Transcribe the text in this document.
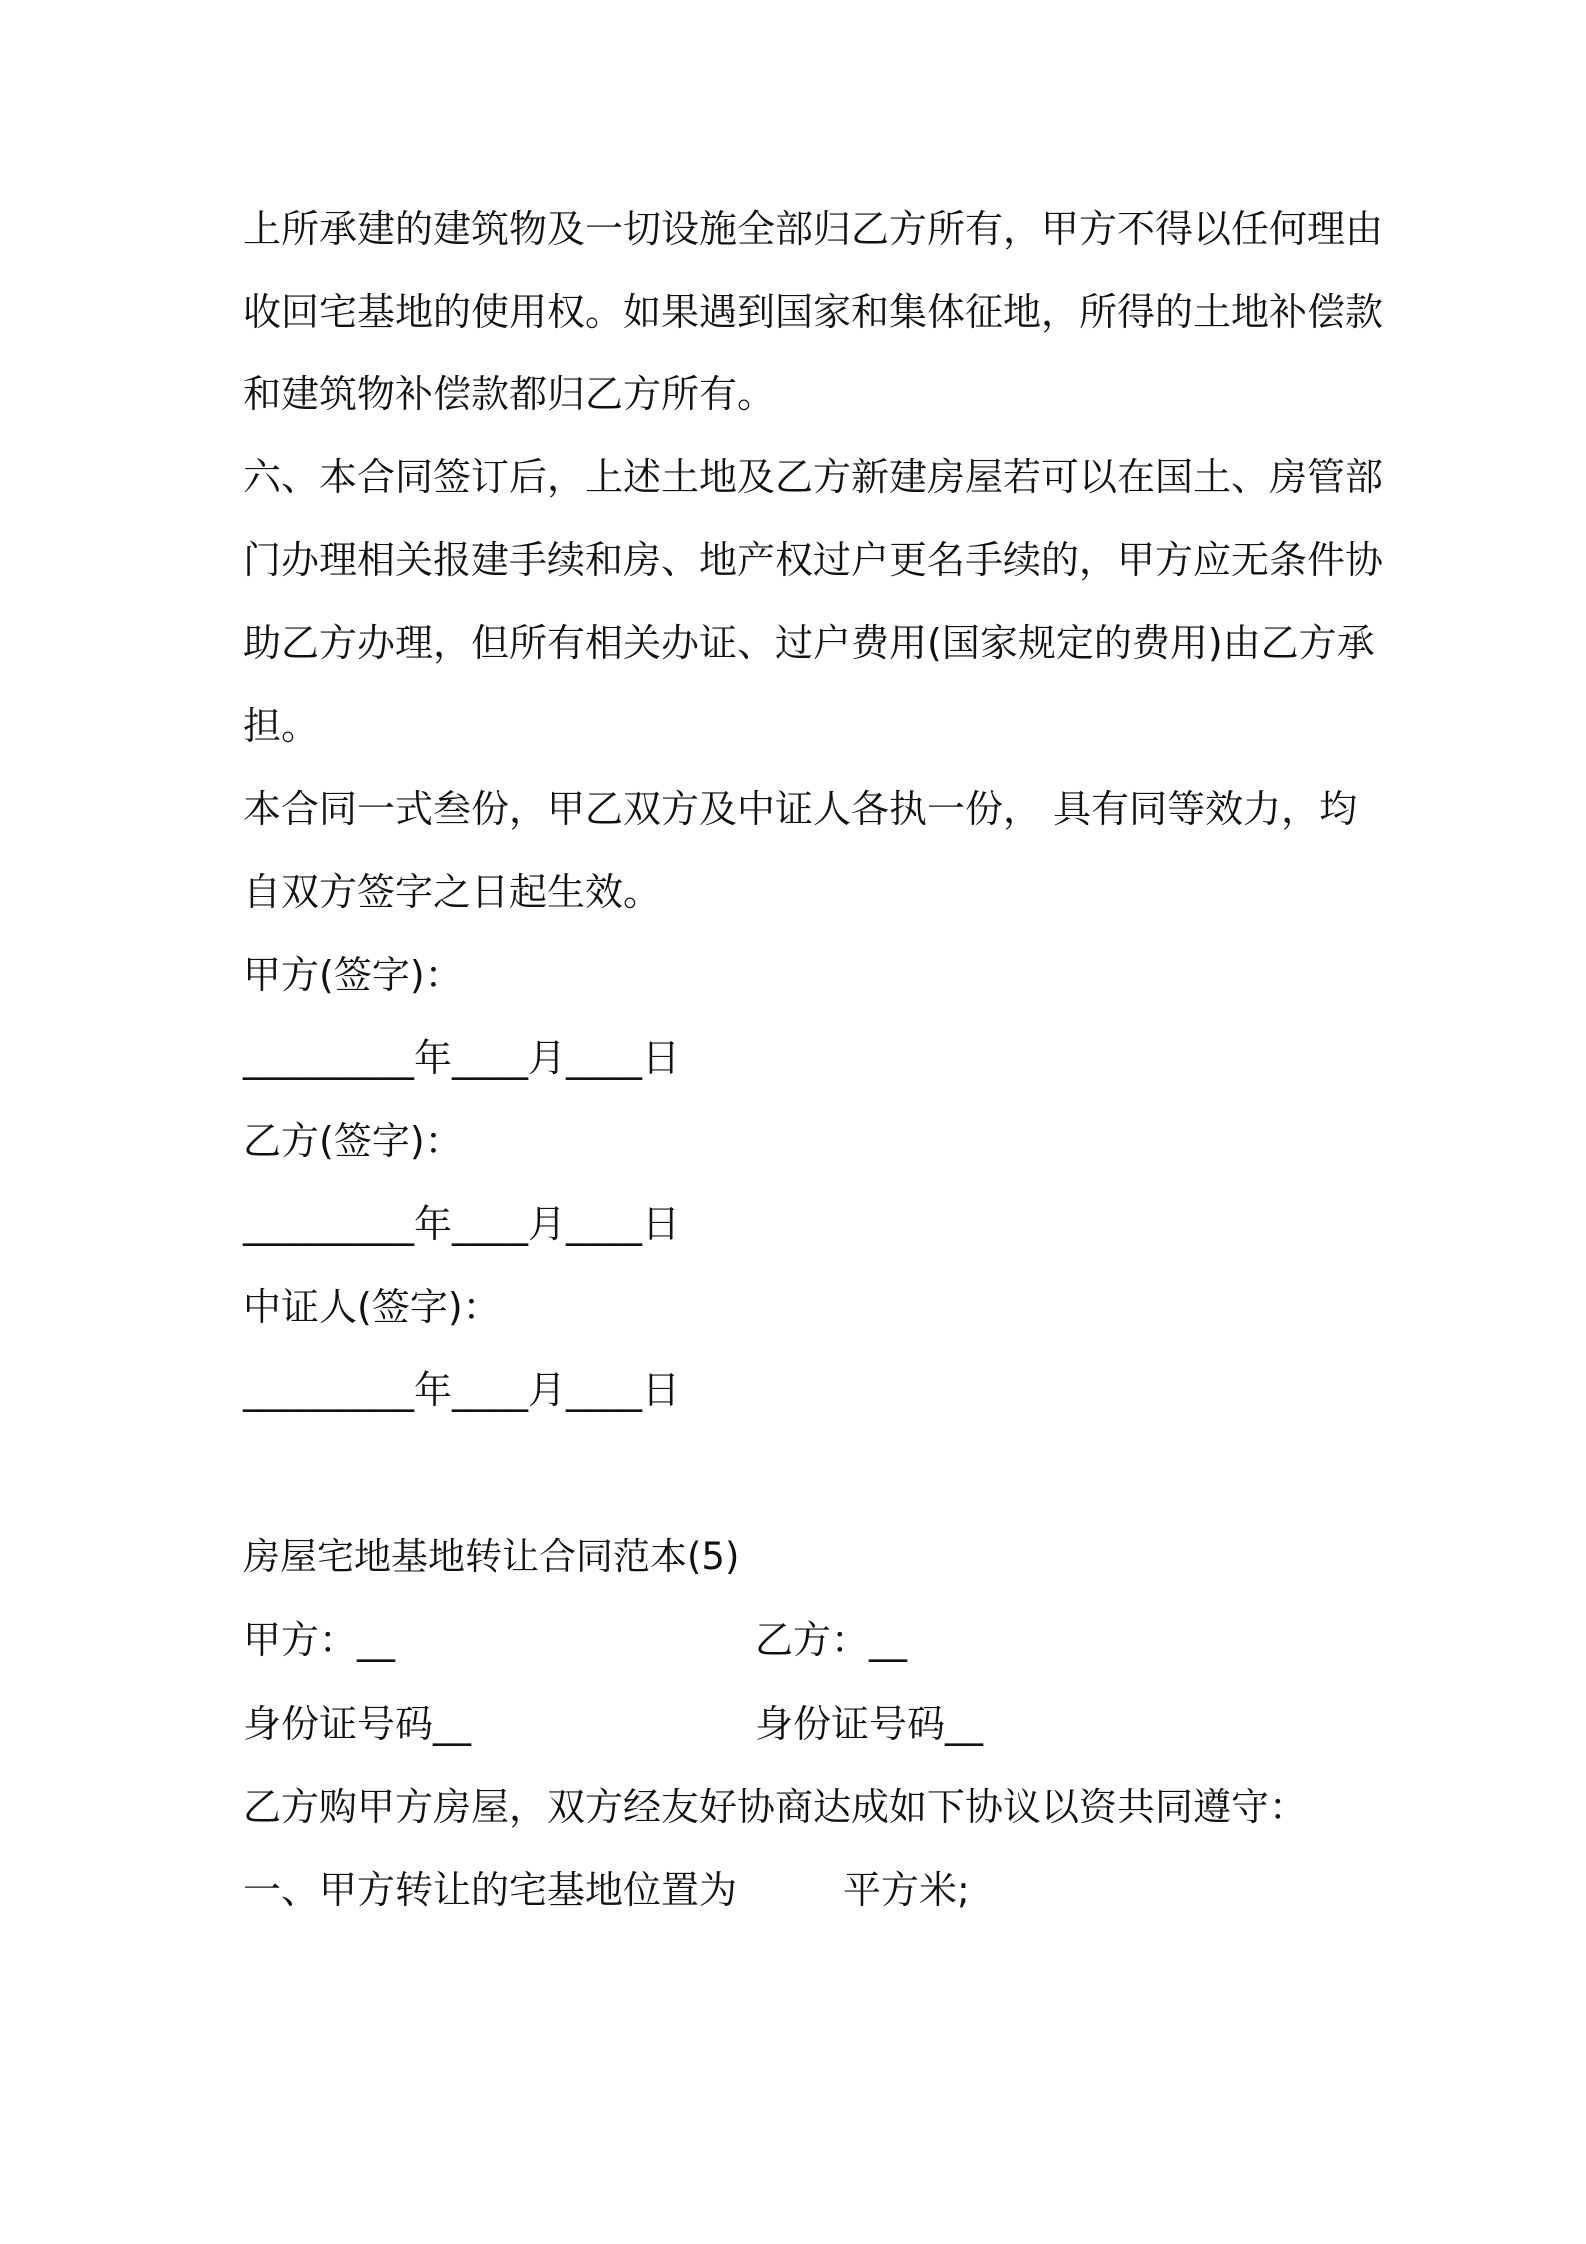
上所承建的建筑物及一切设施全部归乙方所有，甲方不得以任何理由
收回宅基地的使用权。如果遇到国家和集体征地，所得的土地补偿款
和建筑物补偿款都归乙方所有。
六、本合同签订后，上述土地及乙方新建房屋若可以在国土、房管部
门办理相关报建手续和房、地产权过户更名手续的，甲方应无条件协
助乙方办理，但所有相关办证、过户费用(国家规定的费用)由乙方承
担。
本合同一式叁份，甲乙双方及中证人各执一份， 具有同等效力，均
自双方签字之日起生效。
甲方(签字)：
_________年____月____日
乙方(签字)：
_________年____月____日
中证人(签字)：
_________年____月____日
房屋宅地基地转让合同范本(5)
甲方：__	乙方：__
身份证号码__	身份证号码__
乙方购甲方房屋，双方经友好协商达成如下协议以资共同遵守：
一、甲方转让的宅基地位置为	平方米;
